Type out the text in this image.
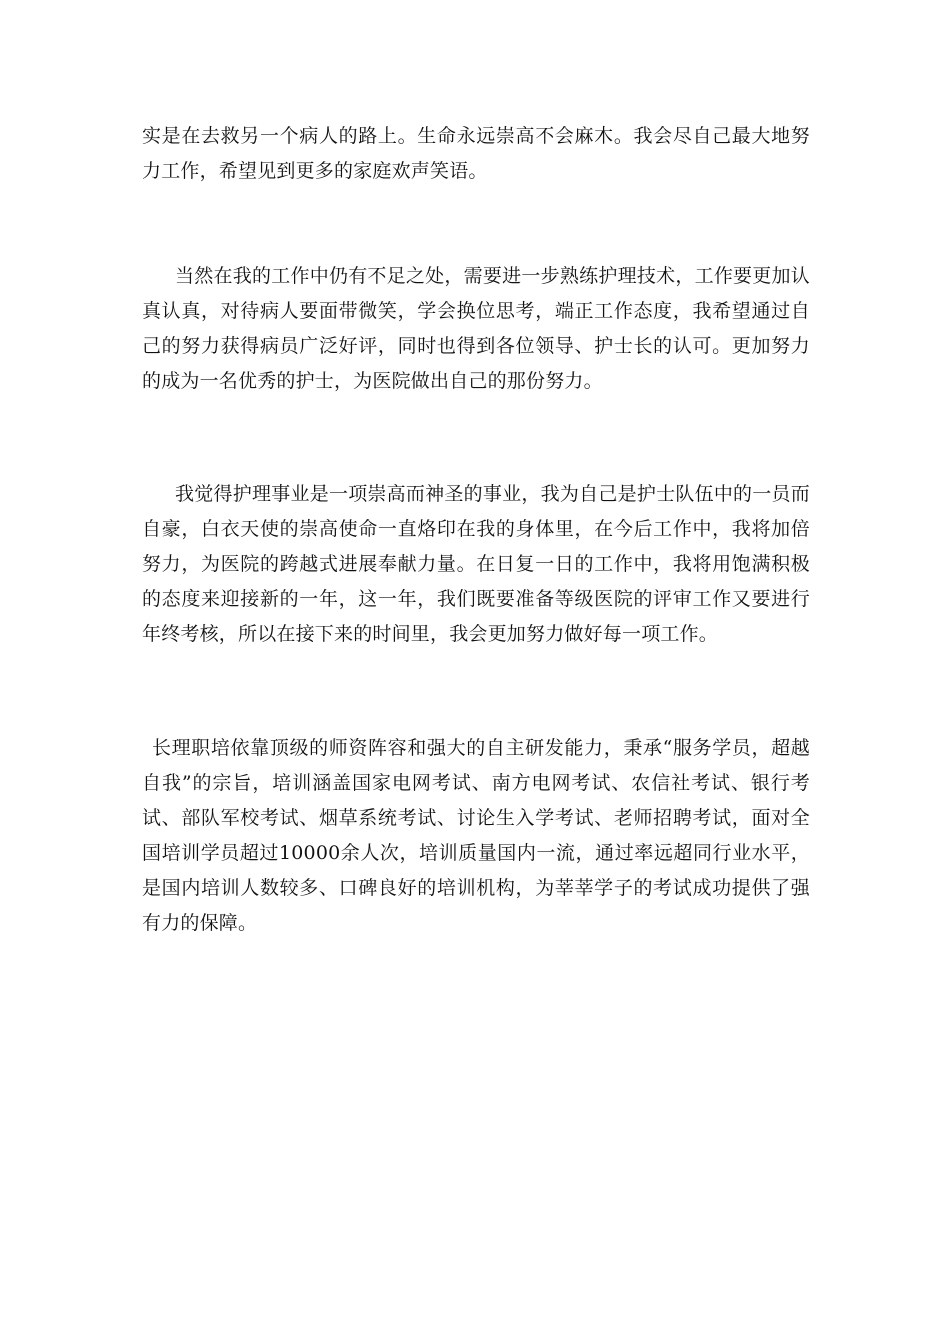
实是在去救另一个病人的路上。生命永远崇高不会麻木。我会尽自己最大地努力工作，希望见到更多的家庭欢声笑语。

当然在我的工作中仍有不足之处，需要进一步熟练护理技术，工作要更加认真认真，对待病人要面带微笑，学会换位思考，端正工作态度，我希望通过自己的努力获得病员广泛好评，同时也得到各位领导、护士长的认可。更加努力的成为一名优秀的护士，为医院做出自己的那份努力。

我觉得护理事业是一项崇高而神圣的事业，我为自己是护士队伍中的一员而自豪，白衣天使的崇高使命一直烙印在我的身体里，在今后工作中，我将加倍努力，为医院的跨越式进展奉献力量。在日复一日的工作中，我将用饱满积极的态度来迎接新的一年，这一年，我们既要准备等级医院的评审工作又要进行年终考核，所以在接下来的时间里，我会更加努力做好每一项工作。

长理职培依靠顶级的师资阵容和强大的自主研发能力，秉承“服务学员，超越自我”的宗旨，培训涵盖国家电网考试、南方电网考试、农信社考试、银行考试、部队军校考试、烟草系统考试、讨论生入学考试、老师招聘考试，面对全国培训学员超过10000余人次，培训质量国内一流，通过率远超同行业水平，是国内培训人数较多、口碑良好的培训机构，为莘莘学子的考试成功提供了强有力的保障。
